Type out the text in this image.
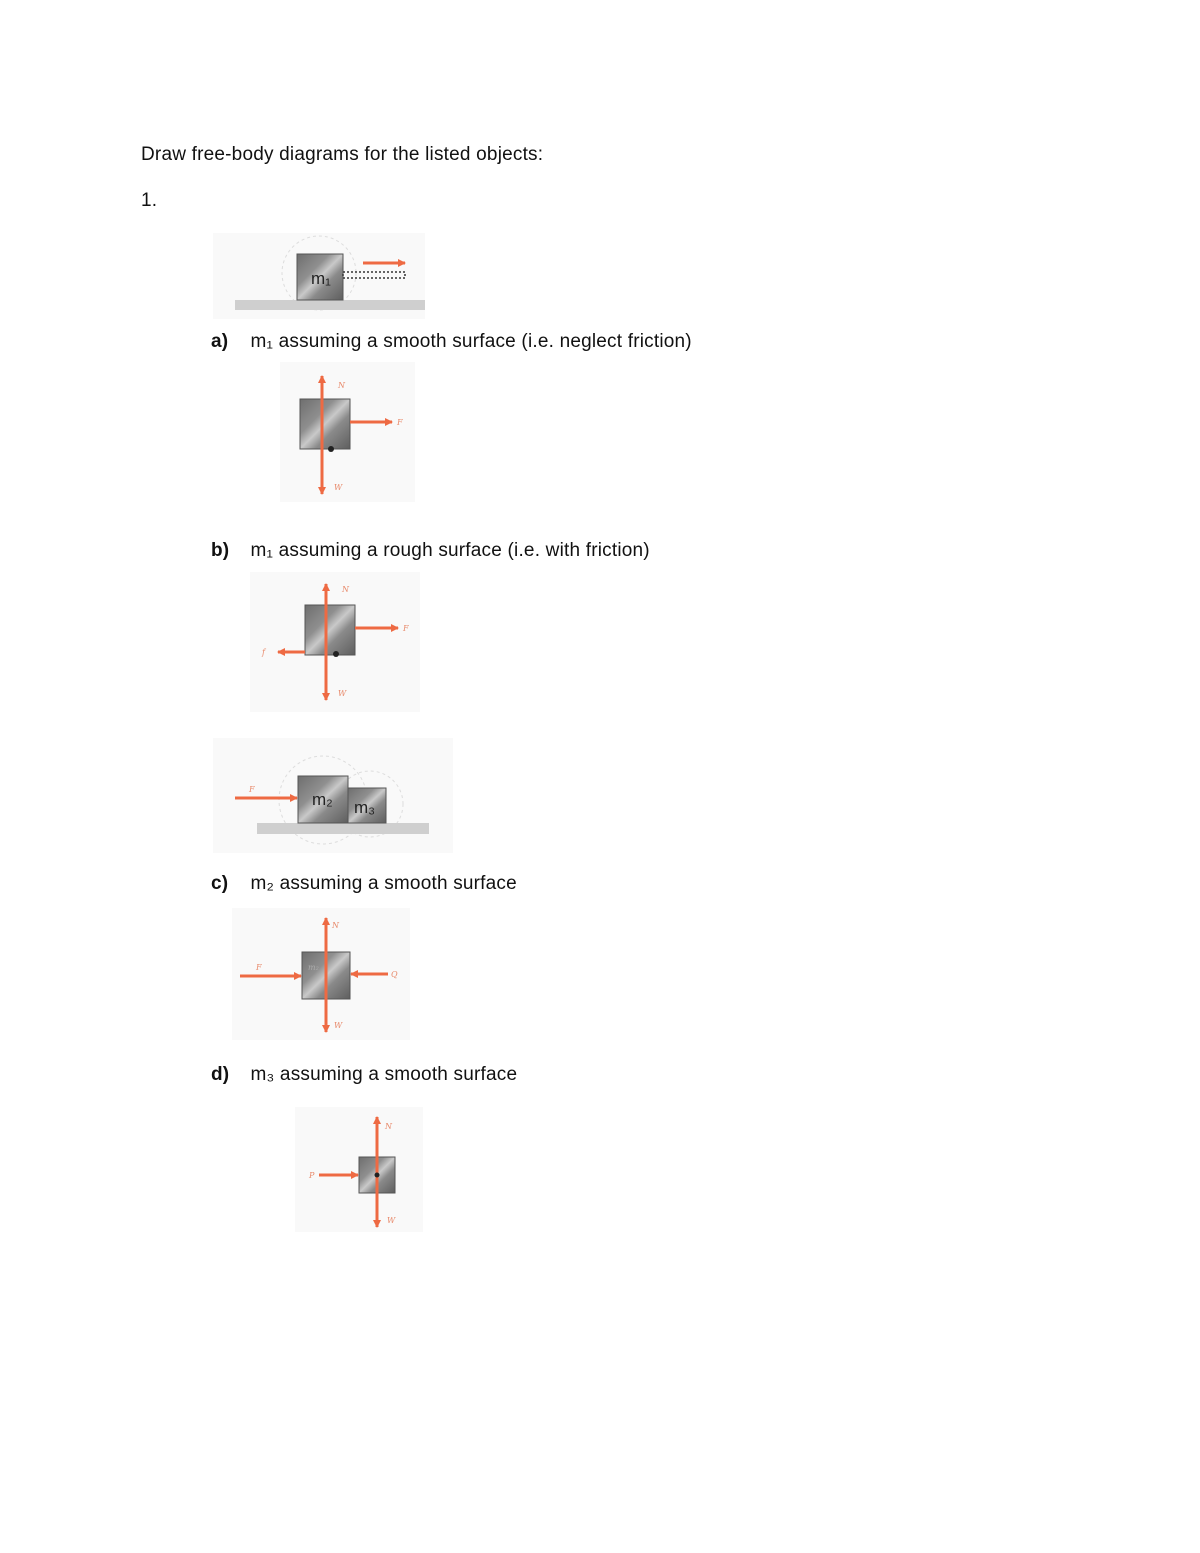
Draw free-body diagrams for the listed objects:
1.
m₁
a) m₁ assuming a smooth surface (i.e. neglect friction)
N
F
W
b) m₁ assuming a rough surface (i.e. with friction)
N
F
W
f
F
m₂ m₃
c) m₂ assuming a smooth surface
N
F
Q
W
m₂
d) m₃ assuming a smooth surface
N
P
W
